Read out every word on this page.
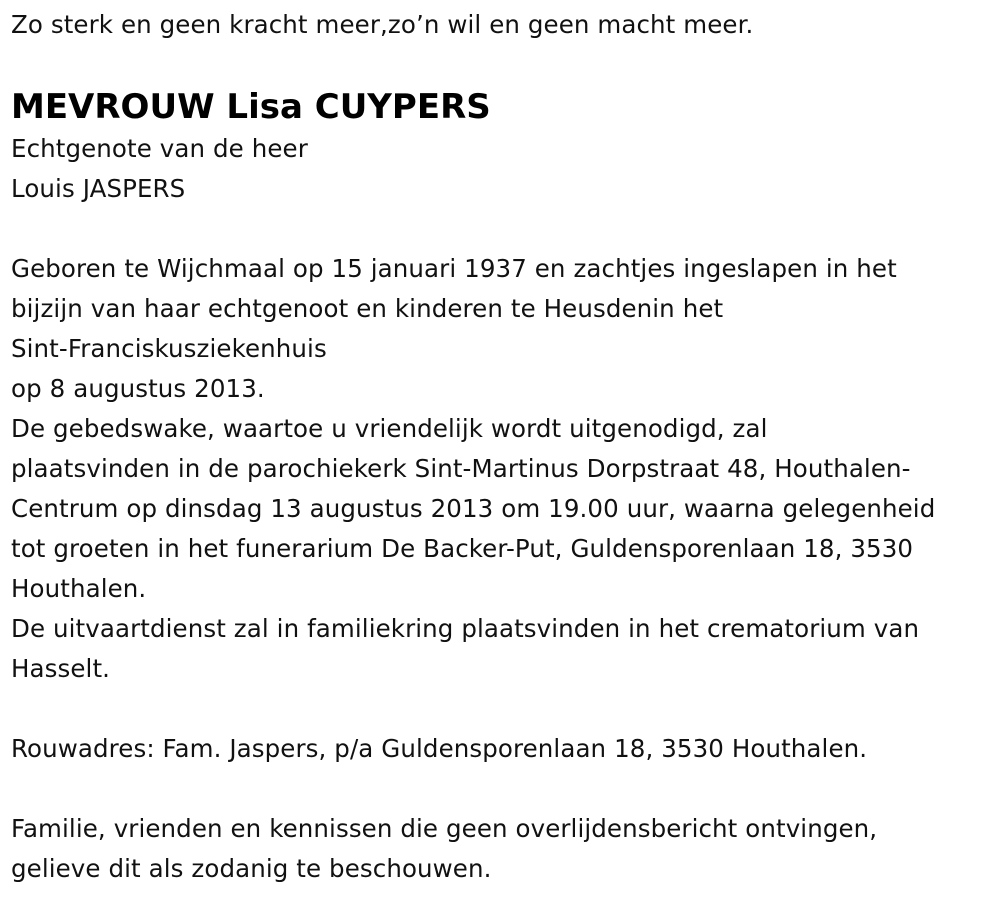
Zo sterk en geen kracht meer,zo’n wil en geen macht meer.
MEVROUW Lisa CUYPERS
Echtgenote van de heer
Louis JASPERS
Geboren te Wijchmaal op 15 januari 1937 en zachtjes ingeslapen in het
bijzijn van haar echtgenoot en kinderen te Heusdenin het
Sint-Franciskusziekenhuis
op 8 augustus 2013.
De gebedswake, waartoe u vriendelijk wordt uitgenodigd, zal
plaatsvinden in de parochiekerk Sint-Martinus Dorpstraat 48, Houthalen-
Centrum op dinsdag 13 augustus 2013 om 19.00 uur, waarna gelegenheid
tot groeten in het funerarium De Backer-Put, Guldensporenlaan 18, 3530
Houthalen.
De uitvaartdienst zal in familiekring plaatsvinden in het crematorium van
Hasselt.
Rouwadres: Fam. Jaspers, p/a Guldensporenlaan 18, 3530 Houthalen.
Familie, vrienden en kennissen die geen overlijdensbericht ontvingen,
gelieve dit als zodanig te beschouwen.
